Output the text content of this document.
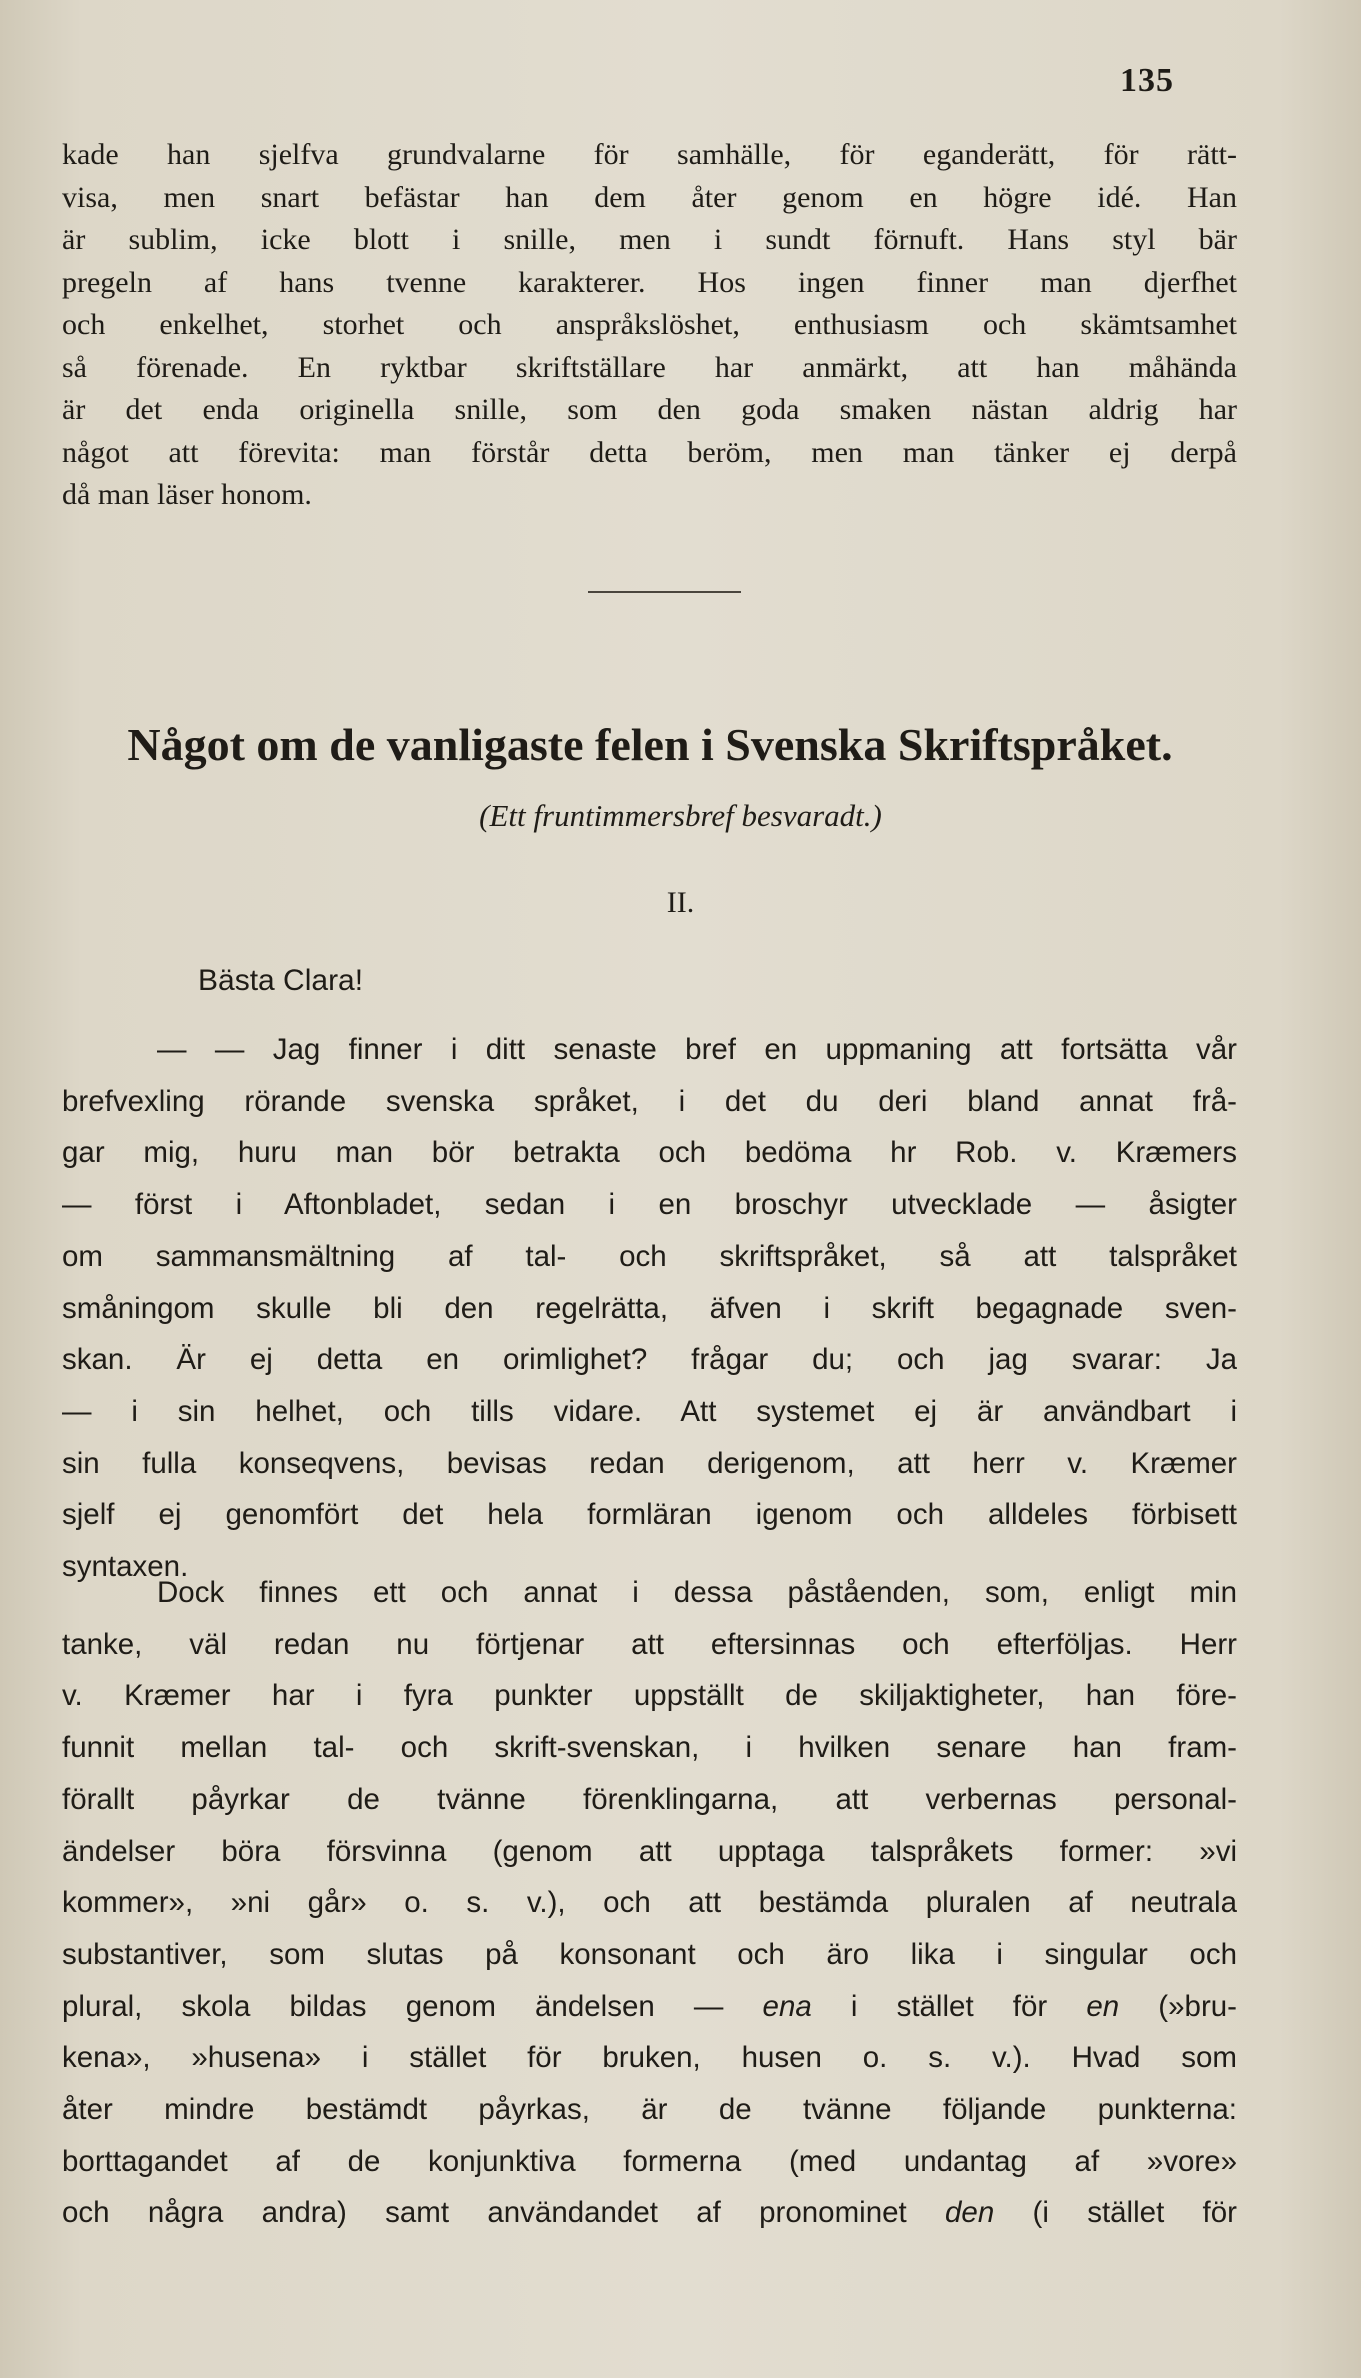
135

kade han sjelfva grundvalarne för samhälle, för eganderätt, för rätt-
visa, men snart befästar han dem åter genom en högre idé. Han
är sublim, icke blott i snille, men i sundt förnuft. Hans styl bär
pregeln af hans tvenne karakterer. Hos ingen finner man djerfhet
och enkelhet, storhet och anspråkslöshet, enthusiasm och skämtsamhet
så förenade. En ryktbar skriftställare har anmärkt, att han måhända
är det enda originella snille, som den goda smaken nästan aldrig har
något att förevita: man förstår detta beröm, men man tänker ej derpå
då man läser honom.

Något om de vanligaste felen i Svenska Skriftspråket.
(Ett fruntimmersbref besvaradt.)
II.
Bästa Clara!

— — Jag finner i ditt senaste bref en uppmaning att fortsätta vår
brefvexling rörande svenska språket, i det du deri bland annat frå-
gar mig, huru man bör betrakta och bedöma hr Rob. v. Kræmers
— först i Aftonbladet, sedan i en broschyr utvecklade — åsigter
om sammansmältning af tal- och skriftspråket, så att talspråket
småningom skulle bli den regelrätta, äfven i skrift begagnade sven-
skan. Är ej detta en orimlighet? frågar du; och jag svarar: Ja
— i sin helhet, och tills vidare. Att systemet ej är användbart i
sin fulla konseqvens, bevisas redan derigenom, att herr v. Kræmer
sjelf ej genomfört det hela formläran igenom och alldeles förbisett
syntaxen.

Dock finnes ett och annat i dessa påståenden, som, enligt min
tanke, väl redan nu förtjenar att eftersinnas och efterföljas. Herr
v. Kræmer har i fyra punkter uppställt de skiljaktigheter, han före-
funnit mellan tal- och skrift-svenskan, i hvilken senare han fram-
förallt påyrkar de tvänne förenklingarna, att verbernas personal-
ändelser böra försvinna (genom att upptaga talspråkets former: »vi
kommer», »ni går» o. s. v.), och att bestämda pluralen af neutrala
substantiver, som slutas på konsonant och äro lika i singular och
plural, skola bildas genom ändelsen — ena i stället för en (»bru-
kena», »husena» i stället för bruken, husen o. s. v.). Hvad som
åter mindre bestämdt påyrkas, är de tvänne följande punkterna:
borttagandet af de konjunktiva formerna (med undantag af »vore»
och några andra) samt användandet af pronominet den (i stället för
